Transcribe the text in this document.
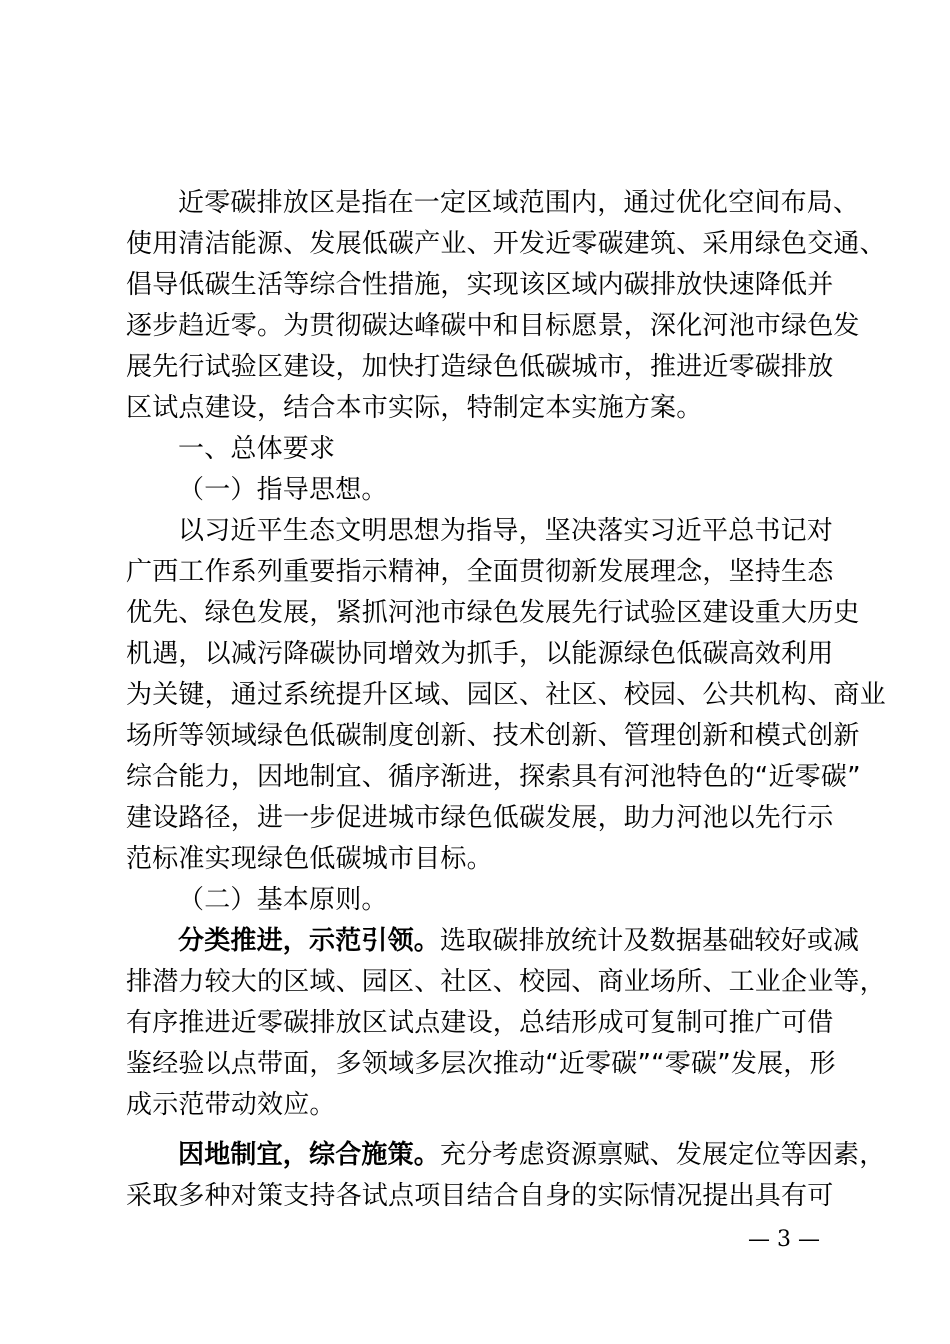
近零碳排放区是指在一定区域范围内，通过优化空间布局、
使用清洁能源、发展低碳产业、开发近零碳建筑、采用绿色交通、
倡导低碳生活等综合性措施，实现该区域内碳排放快速降低并
逐步趋近零。为贯彻碳达峰碳中和目标愿景，深化河池市绿色发
展先行试验区建设，加快打造绿色低碳城市，推进近零碳排放
区试点建设，结合本市实际，特制定本实施方案。
一、总体要求
（一）指导思想。
以习近平生态文明思想为指导，坚决落实习近平总书记对
广西工作系列重要指示精神，全面贯彻新发展理念，坚持生态
优先、绿色发展，紧抓河池市绿色发展先行试验区建设重大历史
机遇，以减污降碳协同增效为抓手，以能源绿色低碳高效利用
为关键，通过系统提升区域、园区、社区、校园、公共机构、商业
场所等领域绿色低碳制度创新、技术创新、管理创新和模式创新
综合能力，因地制宜、循序渐进，探索具有河池特色的“近零碳”
建设路径，进一步促进城市绿色低碳发展，助力河池以先行示
范标准实现绿色低碳城市目标。
（二）基本原则。
分类推进，示范引领。选取碳排放统计及数据基础较好或减
排潜力较大的区域、园区、社区、校园、商业场所、工业企业等，
有序推进近零碳排放区试点建设，总结形成可复制可推广可借
鉴经验以点带面，多领域多层次推动“近零碳”“零碳”发展，形
成示范带动效应。
因地制宜，综合施策。充分考虑资源禀赋、发展定位等因素，
采取多种对策支持各试点项目结合自身的实际情况提出具有可
— 3 —
